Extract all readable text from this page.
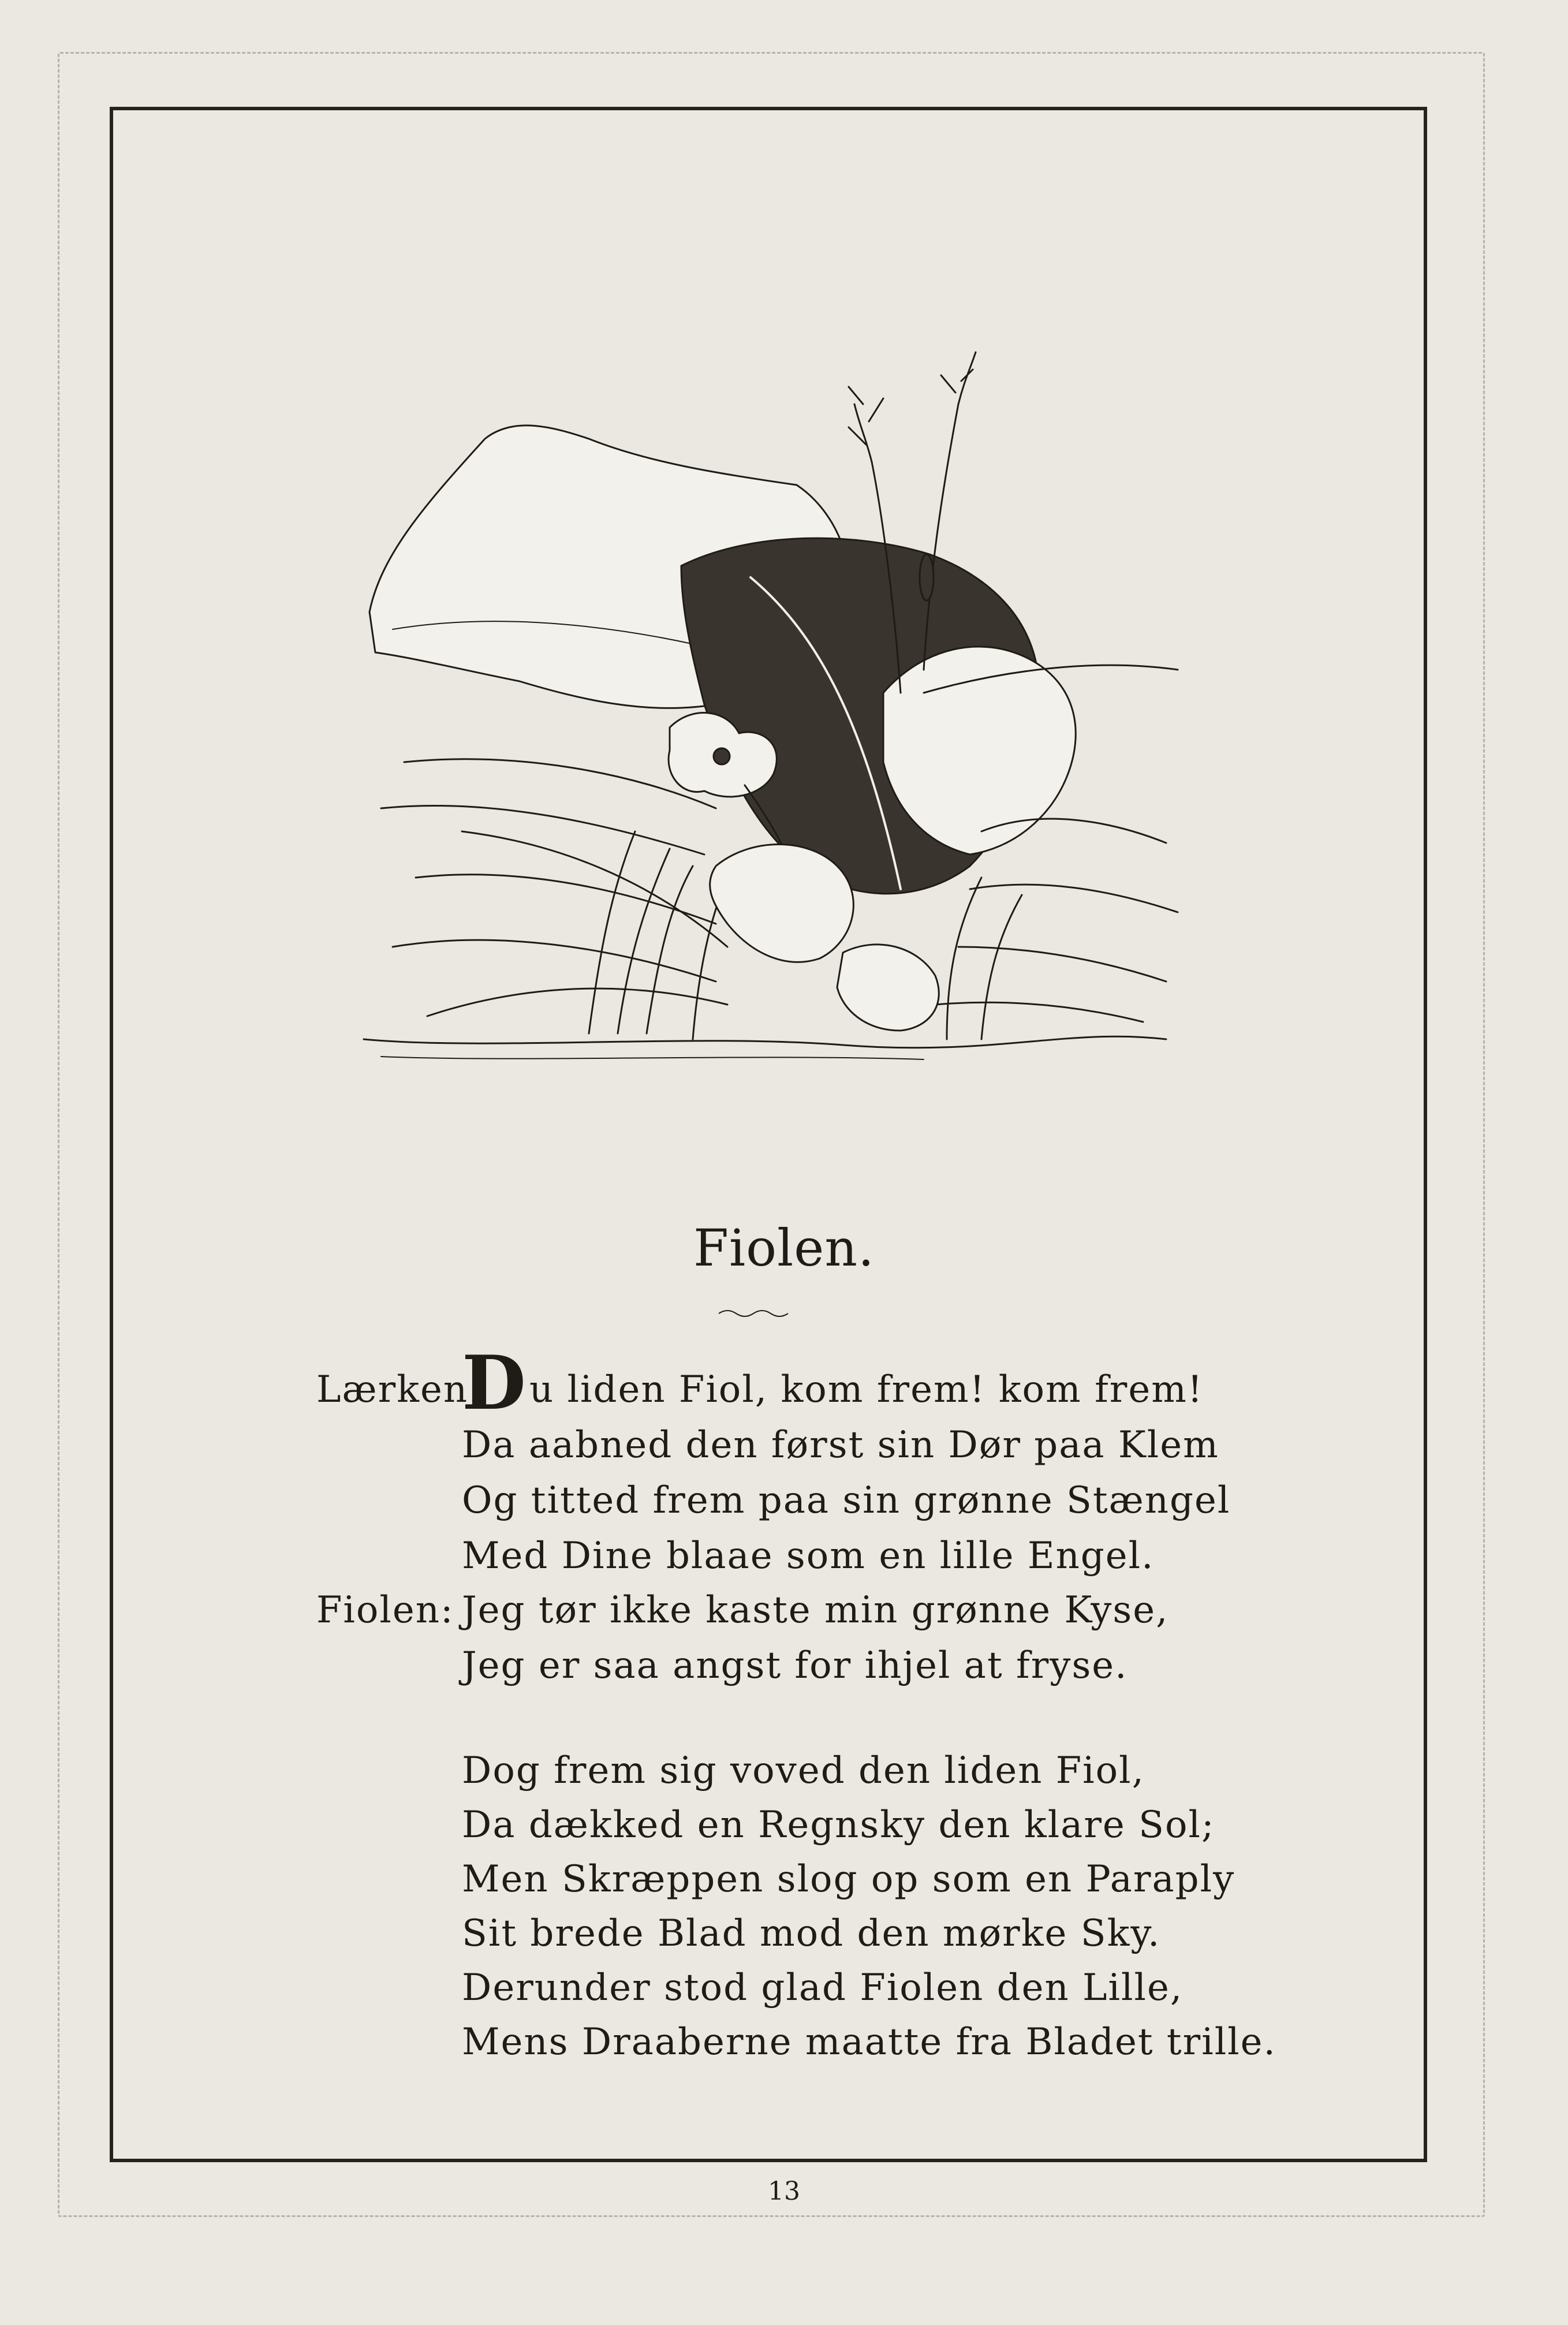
Fiolen.
Lærken:
Du liden Fiol, kom frem! kom frem!
Da aabned den først sin Dør paa Klem
Og titted frem paa sin grønne Stængel
Med Dine blaae som en lille Engel.
Fiolen: Jeg tør ikke kaste min grønne Kyse,
Jeg er saa angst for ihjel at fryse.
Dog frem sig voved den liden Fiol,
Da dækked en Regnsky den klare Sol;
Men Skræppen slog op som en Paraply
Sit brede Blad mod den mørke Sky.
Derunder stod glad Fiolen den Lille,
Mens Draaberne maatte fra Bladet trille.
13
